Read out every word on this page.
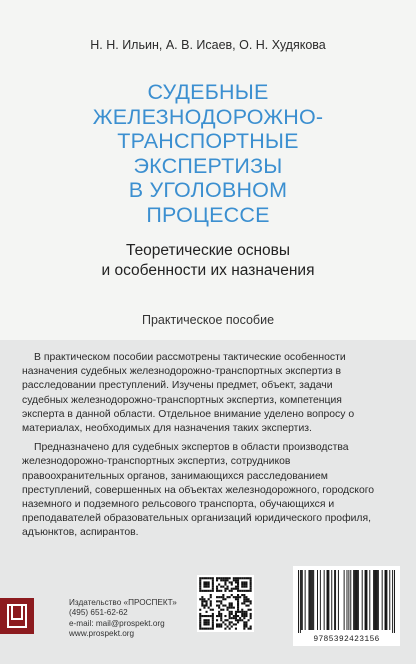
Н. Н. Ильин, А. В. Исаев, О. Н. Худякова
СУДЕБНЫЕ
ЖЕЛЕЗНОДОРОЖНО-
ТРАНСПОРТНЫЕ
ЭКСПЕРТИЗЫ
В УГОЛОВНОМ
ПРОЦЕССЕ
Теоретические основы
и особенности их назначения
Практическое пособие

В практическом пособии рассмотрены тактические особенности назначения судебных железнодорожно-транспортных экспертиз в расследовании преступлений. Изучены предмет, объект, задачи судебных железнодорожно-транспортных экспертиз, компетенция эксперта в данной области. Отдельное внимание уделено вопросу о материалах, необходимых для назначения таких экспертиз.

Предназначено для судебных экспертов в области производства железнодорожно-транспортных экспертиз, сотрудников правоохранительных органов, занимающихся расследованием преступлений, совершенных на объектах железнодорожного, городского наземного и подземного рельсового транспорта, обучающихся и преподавателей образовательных организаций юридического профиля, адъюнктов, аспирантов.

Издательство «ПРОСПЕКТ»
(495) 651-62-62
e-mail: mail@prospekt.org
www.prospekt.org
9785392423156
